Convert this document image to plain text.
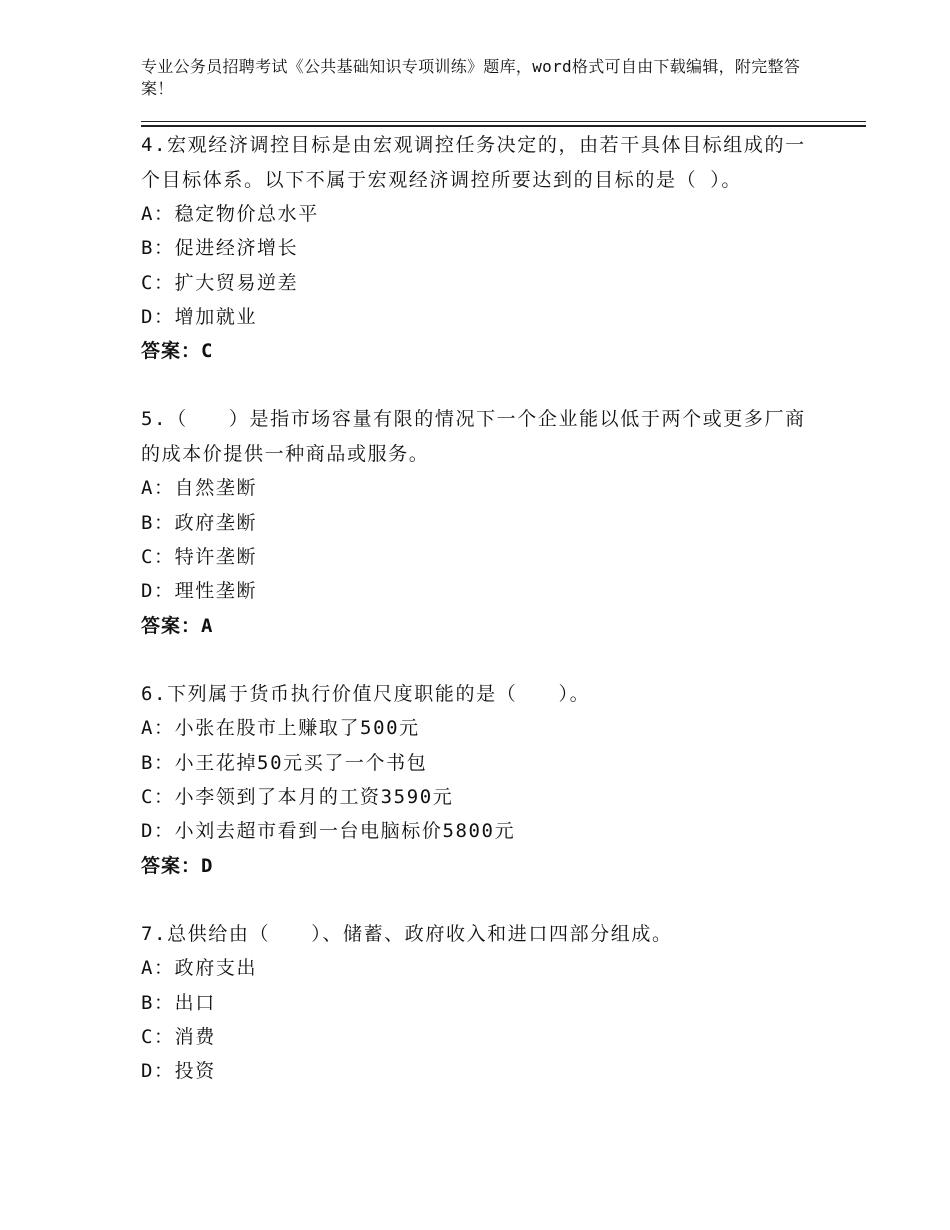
专业公务员招聘考试《公共基础知识专项训练》题库，word格式可自由下载编辑，附完整答案！

4.宏观经济调控目标是由宏观调控任务决定的，由若干具体目标组成的一个目标体系。以下不属于宏观经济调控所要达到的目标的是（ ）。

A：稳定物价总水平

B：促进经济增长

C：扩大贸易逆差

D：增加就业

答案：C

5.（　　）是指市场容量有限的情况下一个企业能以低于两个或更多厂商的成本价提供一种商品或服务。

A：自然垄断

B：政府垄断

C：特许垄断

D：理性垄断

答案：A

6.下列属于货币执行价值尺度职能的是（　　）。

A：小张在股市上赚取了500元

B：小王花掉50元买了一个书包

C：小李领到了本月的工资3590元

D：小刘去超市看到一台电脑标价5800元

答案：D

7.总供给由（　　）、储蓄、政府收入和进口四部分组成。

A：政府支出

B：出口

C：消费

D：投资
